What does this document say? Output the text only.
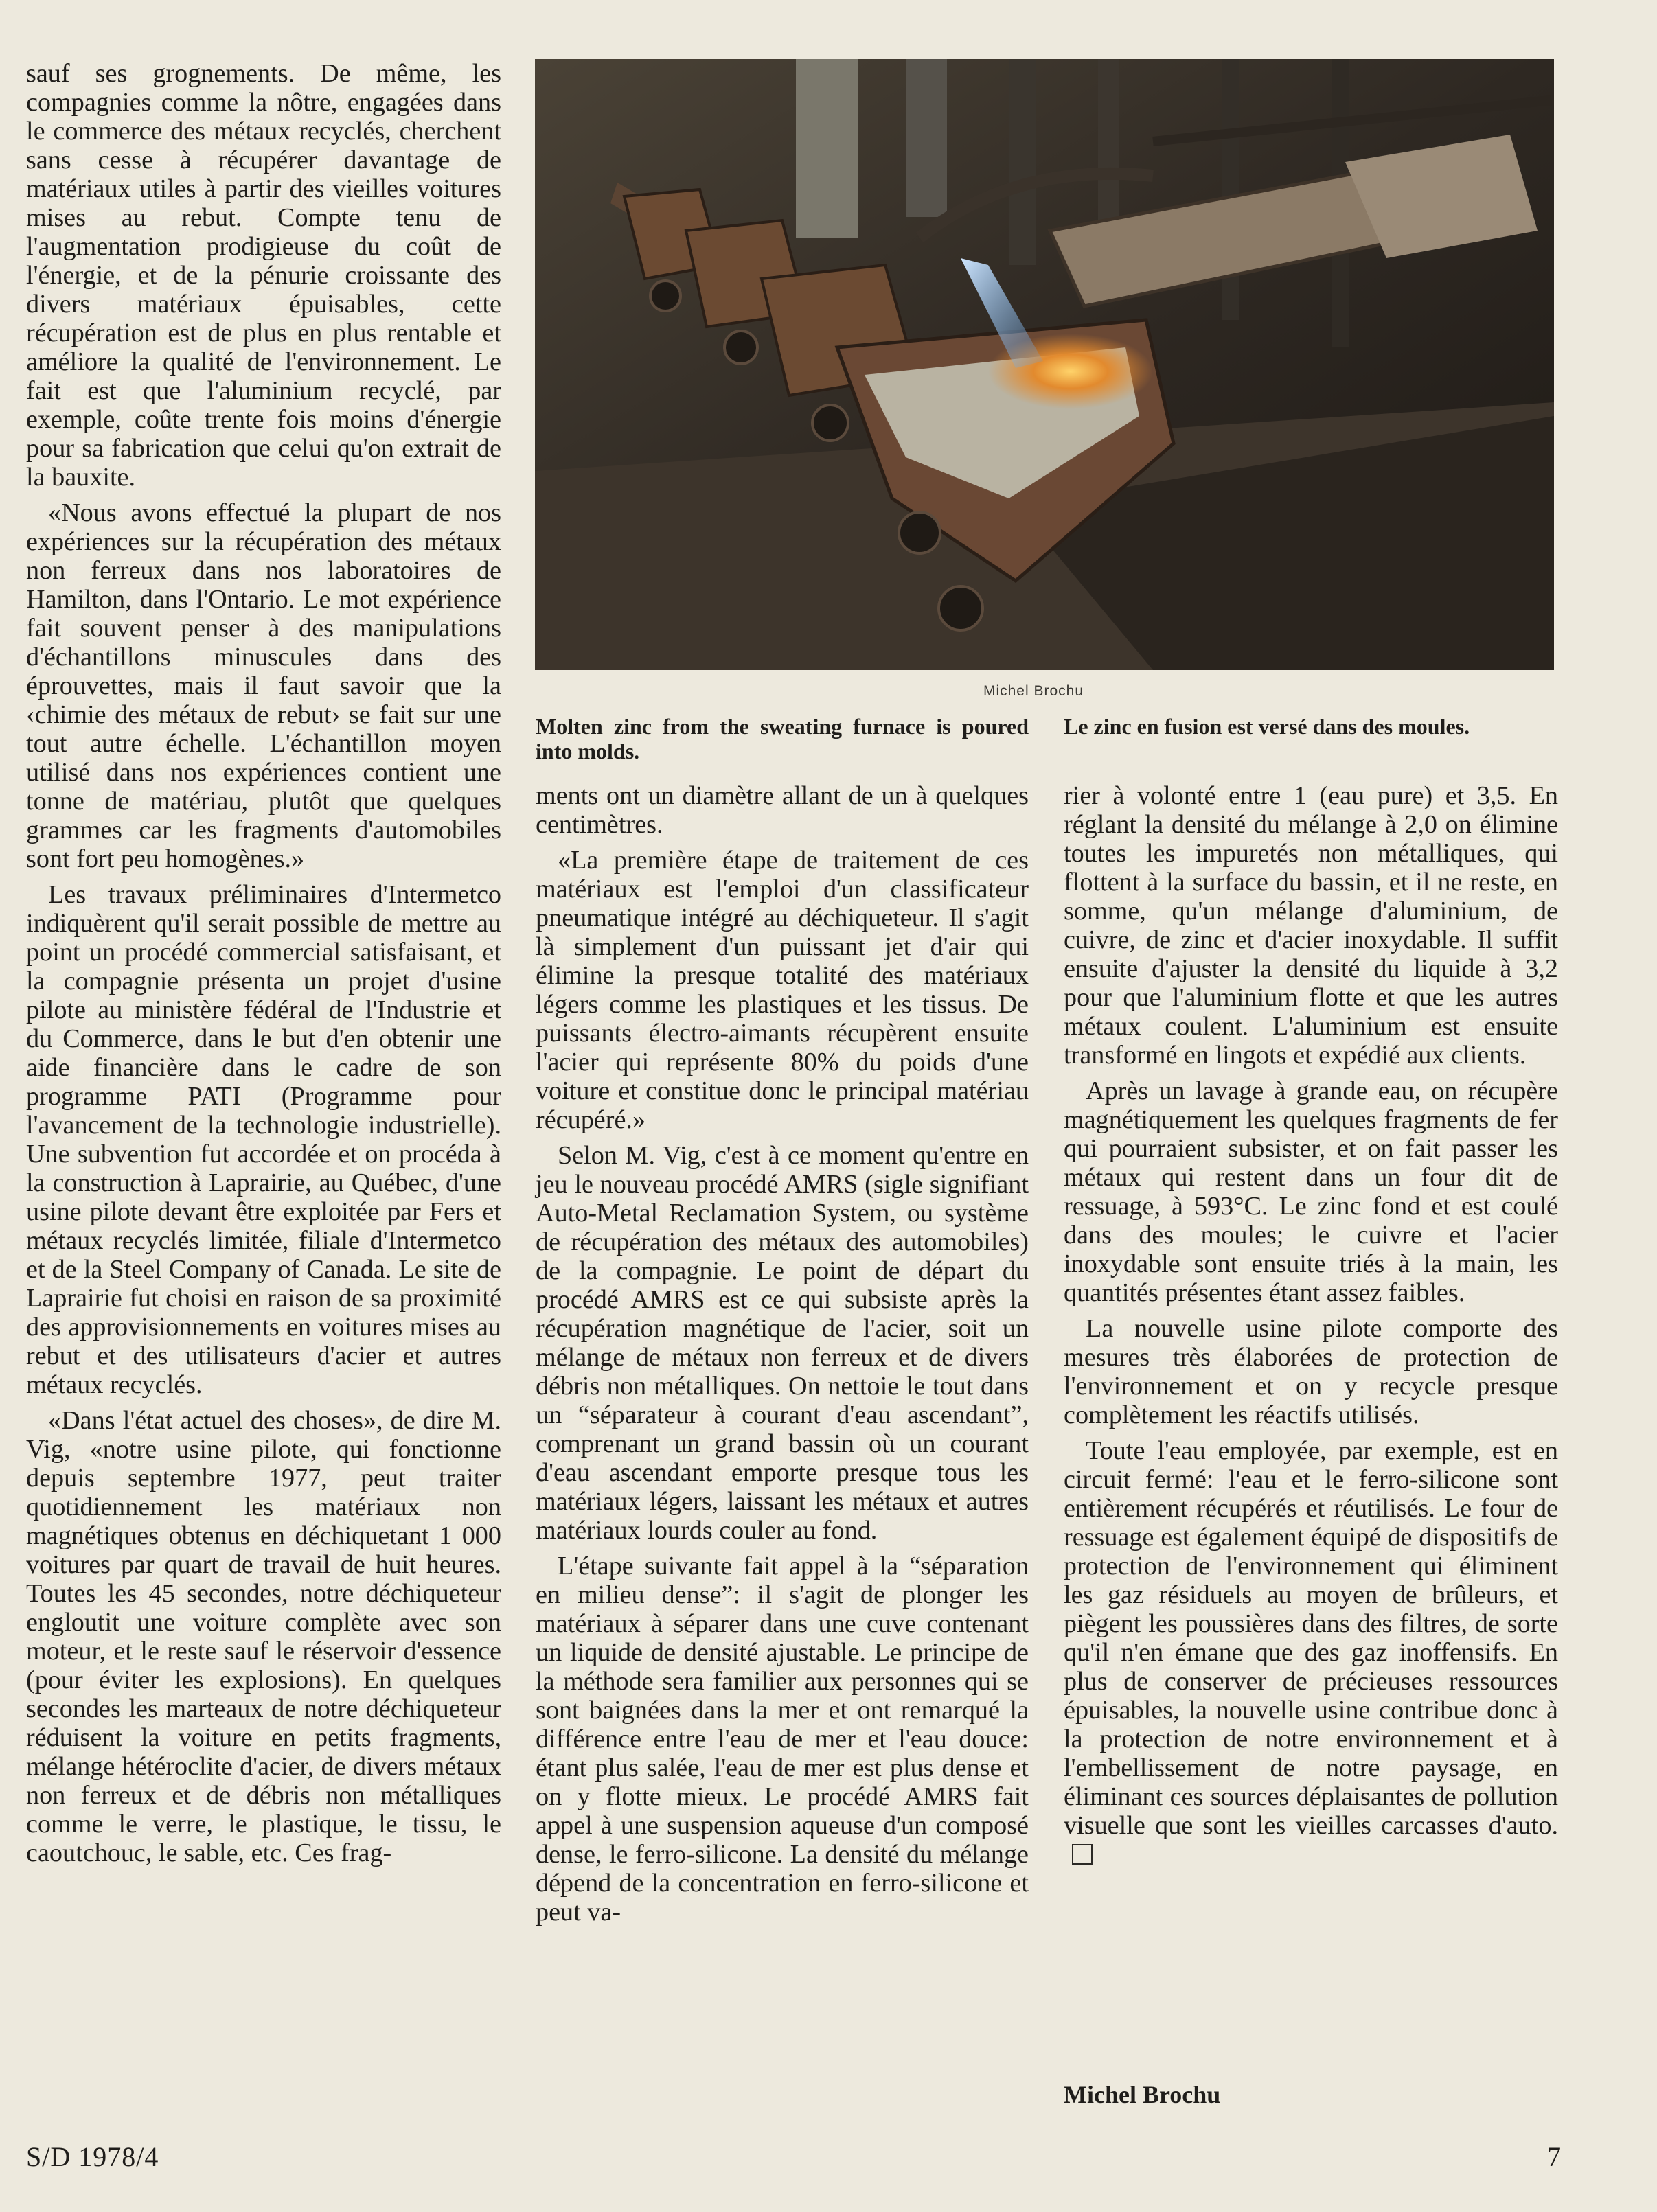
sauf ses grognements. De même, les compagnies comme la nôtre, engagées dans le commerce des métaux recyclés, cherchent sans cesse à récupérer davantage de matériaux utiles à partir des vieilles voitures mises au rebut. Compte tenu de l'augmentation prodigieuse du coût de l'énergie, et de la pénurie croissante des divers matériaux épuisables, cette récupération est de plus en plus rentable et améliore la qualité de l'environnement. Le fait est que l'aluminium recyclé, par exemple, coûte trente fois moins d'énergie pour sa fabrication que celui qu'on extrait de la bauxite.

«Nous avons effectué la plupart de nos expériences sur la récupération des métaux non ferreux dans nos laboratoires de Hamilton, dans l'Ontario. Le mot expérience fait souvent penser à des manipulations d'échantillons minuscules dans des éprouvettes, mais il faut savoir que la ‹chimie des métaux de rebut› se fait sur une tout autre échelle. L'échantillon moyen utilisé dans nos expériences contient une tonne de matériau, plutôt que quelques grammes car les fragments d'automobiles sont fort peu homogènes.»

Les travaux préliminaires d'Intermetco indiquèrent qu'il serait possible de mettre au point un procédé commercial satisfaisant, et la compagnie présenta un projet d'usine pilote au ministère fédéral de l'Industrie et du Commerce, dans le but d'en obtenir une aide financière dans le cadre de son programme PATI (Programme pour l'avancement de la technologie industrielle). Une subvention fut accordée et on procéda à la construction à Laprairie, au Québec, d'une usine pilote devant être exploitée par Fers et métaux recyclés limitée, filiale d'Intermetco et de la Steel Company of Canada. Le site de Laprairie fut choisi en raison de sa proximité des approvisionnements en voitures mises au rebut et des utilisateurs d'acier et autres métaux recyclés.

«Dans l'état actuel des choses», de dire M. Vig, «notre usine pilote, qui fonctionne depuis septembre 1977, peut traiter quotidiennement les matériaux non magnétiques obtenus en déchiquetant 1 000 voitures par quart de travail de huit heures. Toutes les 45 secondes, notre déchiqueteur engloutit une voiture complète avec son moteur, et le reste sauf le réservoir d'essence (pour éviter les explosions). En quelques secondes les marteaux de notre déchiqueteur réduisent la voiture en petits fragments, mélange hétéroclite d'acier, de divers métaux non ferreux et de débris non métalliques comme le verre, le plastique, le tissu, le caoutchouc, le sable, etc. Ces frag-

Michel Brochu
Molten zinc from the sweating furnace is poured into molds.
Le zinc en fusion est versé dans des moules.

ments ont un diamètre allant de un à quelques centimètres.

«La première étape de traitement de ces matériaux est l'emploi d'un classificateur pneumatique intégré au déchiqueteur. Il s'agit là simplement d'un puissant jet d'air qui élimine la presque totalité des matériaux légers comme les plastiques et les tissus. De puissants électro-aimants récupèrent ensuite l'acier qui représente 80% du poids d'une voiture et constitue donc le principal matériau récupéré.»

Selon M. Vig, c'est à ce moment qu'entre en jeu le nouveau procédé AMRS (sigle signifiant Auto-Metal Reclamation System, ou système de récupération des métaux des automobiles) de la compagnie. Le point de départ du procédé AMRS est ce qui subsiste après la récupération magnétique de l'acier, soit un mélange de métaux non ferreux et de divers débris non métalliques. On nettoie le tout dans un “séparateur à courant d'eau ascendant”, comprenant un grand bassin où un courant d'eau ascendant emporte presque tous les matériaux légers, laissant les métaux et autres matériaux lourds couler au fond.

L'étape suivante fait appel à la “séparation en milieu dense”: il s'agit de plonger les matériaux à séparer dans une cuve contenant un liquide de densité ajustable. Le principe de la méthode sera familier aux personnes qui se sont baignées dans la mer et ont remarqué la différence entre l'eau de mer et l'eau douce: étant plus salée, l'eau de mer est plus dense et on y flotte mieux. Le procédé AMRS fait appel à une suspension aqueuse d'un composé dense, le ferro-silicone. La densité du mélange dépend de la concentration en ferro-silicone et peut va-

rier à volonté entre 1 (eau pure) et 3,5. En réglant la densité du mélange à 2,0 on élimine toutes les impuretés non métalliques, qui flottent à la surface du bassin, et il ne reste, en somme, qu'un mélange d'aluminium, de cuivre, de zinc et d'acier inoxydable. Il suffit ensuite d'ajuster la densité du liquide à 3,2 pour que l'aluminium flotte et que les autres métaux coulent. L'aluminium est ensuite transformé en lingots et expédié aux clients.

Après un lavage à grande eau, on récupère magnétiquement les quelques fragments de fer qui pourraient subsister, et on fait passer les métaux qui restent dans un four dit de ressuage, à 593°C. Le zinc fond et est coulé dans des moules; le cuivre et l'acier inoxydable sont ensuite triés à la main, les quantités présentes étant assez faibles.

La nouvelle usine pilote comporte des mesures très élaborées de protection de l'environnement et on y recycle presque complètement les réactifs utilisés.

Toute l'eau employée, par exemple, est en circuit fermé: l'eau et le ferro-silicone sont entièrement récupérés et réutilisés. Le four de ressuage est également équipé de dispositifs de protection de l'environnement qui éliminent les gaz résiduels au moyen de brûleurs, et piègent les poussières dans des filtres, de sorte qu'il n'en émane que des gaz inoffensifs. En plus de conserver de précieuses ressources épuisables, la nouvelle usine contribue donc à la protection de notre environnement et à l'embellissement de notre paysage, en éliminant ces sources déplaisantes de pollution visuelle que sont les vieilles carcasses d'auto.

Michel Brochu
S/D 1978/4	7
